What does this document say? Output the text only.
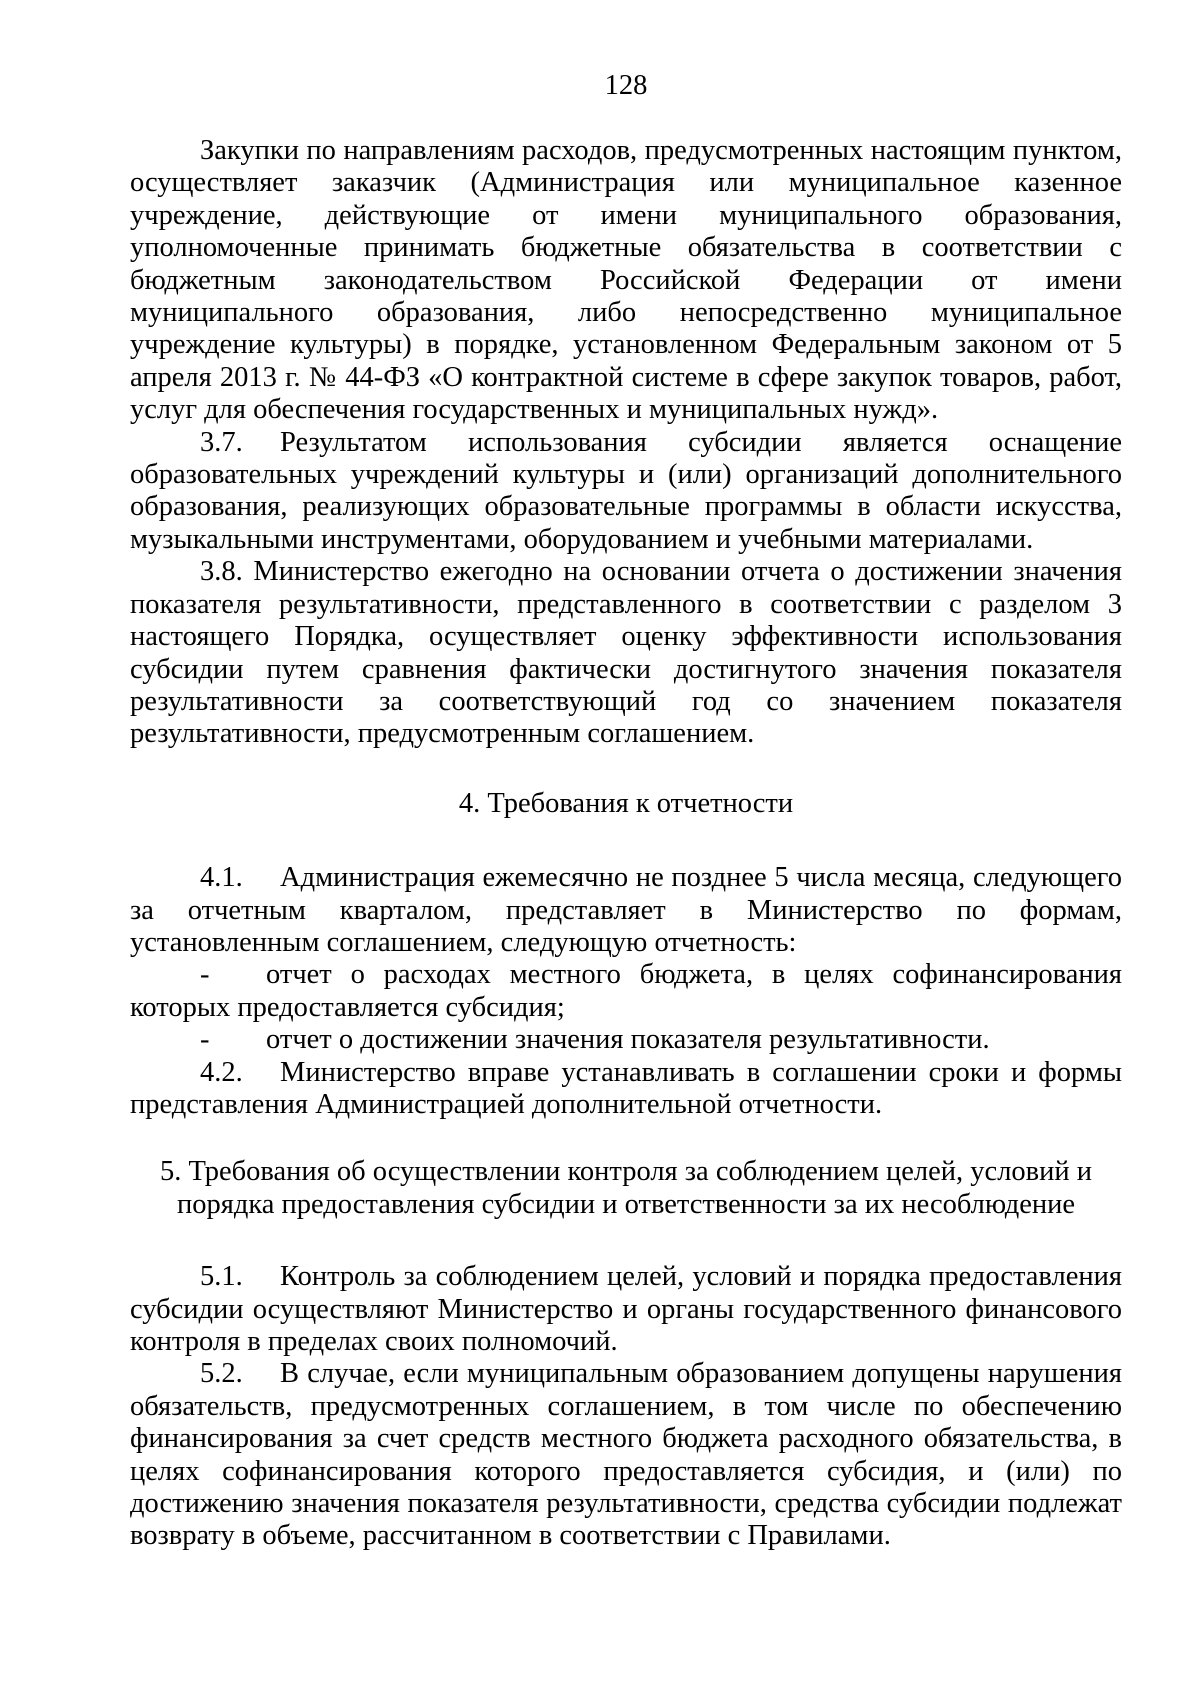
128

Закупки по направлениям расходов, предусмотренных настоящим пунктом, осуществляет заказчик (Администрация или муниципальное казенное учреждение, действующие от имени муниципального образования, уполномоченные принимать бюджетные обязательства в соответствии с бюджетным законодательством Российской Федерации от имени муниципального образования, либо непосредственно муниципальное учреждение культуры) в порядке, установленном Федеральным законом от 5 апреля 2013 г. № 44-ФЗ «О контрактной системе в сфере закупок товаров, работ, услуг для обеспечения государственных и муниципальных нужд».

3.7. Результатом использования субсидии является оснащение образовательных учреждений культуры и (или) организаций дополнительного образования, реализующих образовательные программы в области искусства, музыкальными инструментами, оборудованием и учебными материалами.

3.8. Министерство ежегодно на основании отчета о достижении значения показателя результативности, представленного в соответствии с разделом 3 настоящего Порядка, осуществляет оценку эффективности использования субсидии путем сравнения фактически достигнутого значения показателя результативности за соответствующий год со значением показателя результативности, предусмотренным соглашением.

4. Требования к отчетности

4.1. Администрация ежемесячно не позднее 5 числа месяца, следующего за отчетным кварталом, представляет в Министерство по формам, установленным соглашением, следующую отчетность:

- отчет о расходах местного бюджета, в целях софинансирования которых предоставляется субсидия;

- отчет о достижении значения показателя результативности.

4.2. Министерство вправе устанавливать в соглашении сроки и формы представления Администрацией дополнительной отчетности.

5. Требования об осуществлении контроля за соблюдением целей, условий и
порядка предоставления субсидии и ответственности за их несоблюдение

5.1. Контроль за соблюдением целей, условий и порядка предоставления субсидии осуществляют Министерство и органы государственного финансового контроля в пределах своих полномочий.

5.2. В случае, если муниципальным образованием допущены нарушения обязательств, предусмотренных соглашением, в том числе по обеспечению финансирования за счет средств местного бюджета расходного обязательства, в целях софинансирования которого предоставляется субсидия, и (или) по достижению значения показателя результативности, средства субсидии подлежат возврату в объеме, рассчитанном в соответствии с Правилами.
